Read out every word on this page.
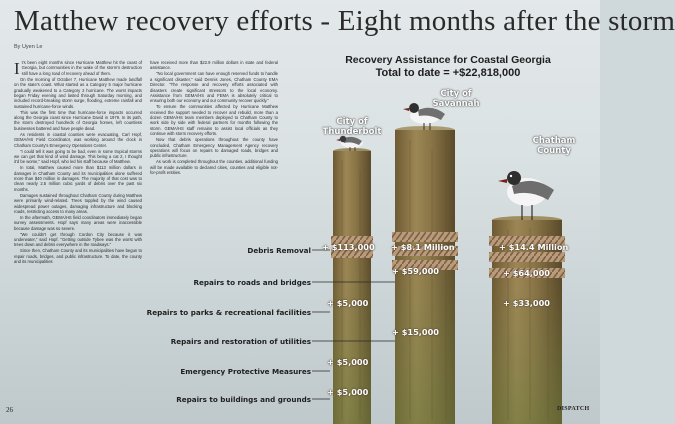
Matthew recovery efforts - Eight months after the storm
By Uyen Le

It's been eight months since Hurricane Matthew hit the coast of Georgia, but communities in the wake of the storm's destruction still have a long road of recovery ahead of them.

On the morning of October 7, Hurricane Matthew made landfall on the state's coast. What started as a Category 5 major hurricane gradually weakened to a Category 2 hurricane. The worst impacts began Friday evening and lasted through Saturday morning, and included record-breaking storm surge, flooding, extreme rainfall and sustained hurricane-force winds.

This was the first time that hurricane-force impacts occurred along the Georgia coast since Hurricane David in 1979. In its path, the storm destroyed hundreds of Georgia homes, left countless businesses battered and have people dead.

As residents in coastal counties were evacuating, Carl Hopf, GEMA/HS Field Coordinator, was working around the clock in Chatham County's Emergency Operations Center.

"I could tell it was going to be bad, even in some tropical storms we can get that kind of wind damage. This being a cat 2, I thought it'd be worse," said Hopf, who led his staff because of Matthew.

In total, Matthew caused more than $113 million dollars in damages in Chatham County and its municipalities alone suffered more than $40 million in damages. The majority of that cost was to clean nearly 2.5 million cubic yards of debris over the past six months.

Damages sustained throughout Chatham County during Matthew were primarily wind-related. Trees toppled by the wind caused widespread power outages, damaging infrastructure and blocking roads, restricting access to many areas.

In the aftermath, GEMA/HS field coordinators immediately began survey assessments. Hopf says many areas were inaccessible because damage was so severe.

"We couldn't get through Cordon City because it was underwater," said Hopf. "Getting outside Tybee was the worst with trees down and debris everywhere in the roadways."

Since then, Chatham County and its municipalities have begun to repair roads, bridges, and public infrastructure. To date, the county and its municipalities

have received more than $22.9 million dollars in state and federal assistance.

"No local government can have enough reserved funds to handle a significant disaster," said Dennis Jones, Chatham County EMA Director. "The response and recovery efforts associated with disasters create significant stressors to the local economy. Assistance from GEMA/HS and FEMA is absolutely critical to ensuring both our economy and our community recover quickly."

To ensure the communities affected by Hurricane Matthew received the support needed to recover and rebuild, more than a dozen GEMA/HS team members deployed to Chatham County to work side by side with federal partners for months following the storm. GEMA/HS staff remains to assist local officials as they continue with storm recovery efforts.

Now that debris operations throughout the county have concluded, Chatham Emergency Management Agency recovery operations will focus on repairs to damaged roads, bridges and public infrastructure.

As work is completed throughout the counties, additional funding will be made available to declared cities, counties and eligible not-for-profit entities.

Recovery Assistance for Coastal Georgia
Total to date = +$22,818,000
City of Thunderbolt
City of Savannah
Chatham County
Debris Removal
Repairs to roads and bridges
Repairs to parks & recreational facilities
Repairs and restoration of utilities
Emergency Protective Measures
Repairs to buildings and grounds
+ $113,000
+ $5,000
+ $5,000
+ $5,000
+ $8.1 Million
+ $59,000
+ $15,000
+ $14.4 Million
+ $64,000
+ $33,000
26	DISPATCH
